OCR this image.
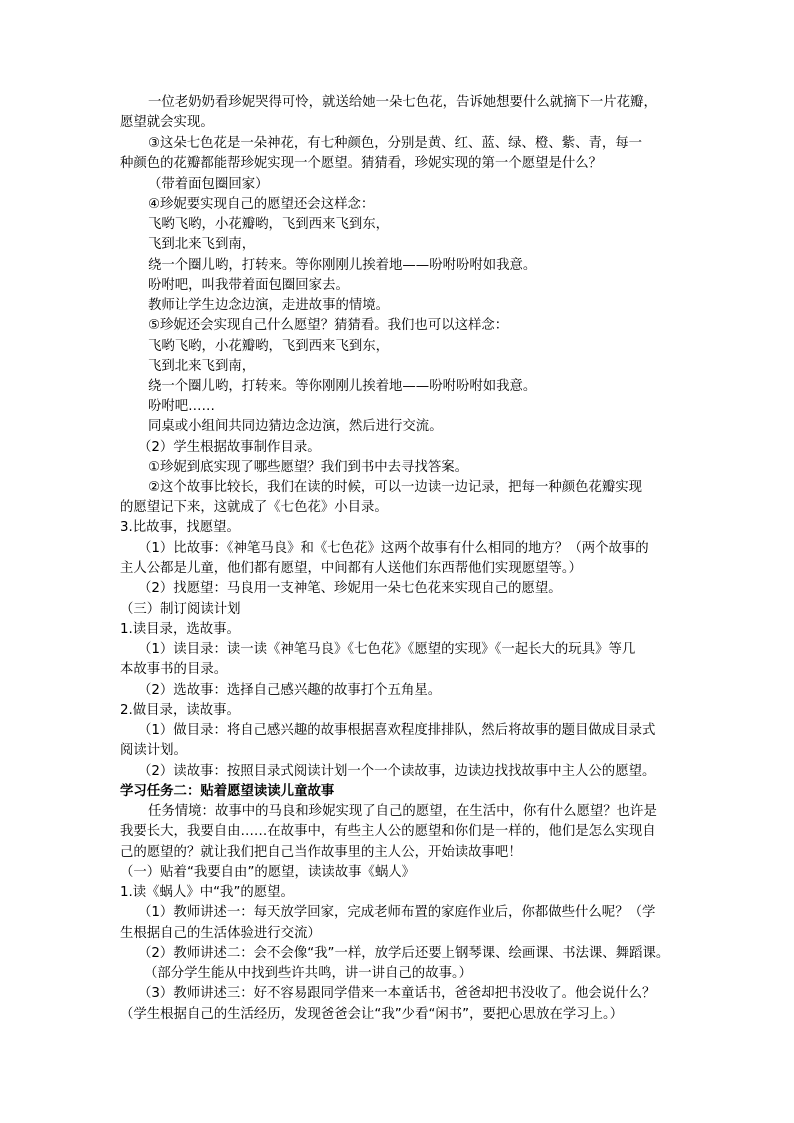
一位老奶奶看珍妮哭得可怜，就送给她一朵七色花，告诉她想要什么就摘下一片花瓣，
愿望就会实现。
③这朵七色花是一朵神花，有七种颜色，分别是黄、红、蓝、绿、橙、紫、青，每一
种颜色的花瓣都能帮珍妮实现一个愿望。猜猜看，珍妮实现的第一个愿望是什么？
（带着面包圈回家）
④珍妮要实现自己的愿望还会这样念：
飞哟飞哟，小花瓣哟，飞到西来飞到东，
飞到北来飞到南，
绕一个圈儿哟，打转来。等你刚刚儿挨着地——吩咐吩咐如我意。
吩咐吧，叫我带着面包圈回家去。
教师让学生边念边演，走进故事的情境。
⑤珍妮还会实现自己什么愿望？猜猜看。我们也可以这样念：
飞哟飞哟，小花瓣哟，飞到西来飞到东，
飞到北来飞到南，
绕一个圈儿哟，打转来。等你刚刚儿挨着地——吩咐吩咐如我意。
吩咐吧……
同桌或小组间共同边猜边念边演，然后进行交流。
（2）学生根据故事制作目录。
①珍妮到底实现了哪些愿望？我们到书中去寻找答案。
②这个故事比较长，我们在读的时候，可以一边读一边记录，把每一种颜色花瓣实现
的愿望记下来，这就成了《七色花》小目录。
3.比故事，找愿望。
（1）比故事：《神笔马良》和《七色花》这两个故事有什么相同的地方？（两个故事的
主人公都是儿童，他们都有愿望，中间都有人送他们东西帮他们实现愿望等。）
（2）找愿望：马良用一支神笔、珍妮用一朵七色花来实现自己的愿望。
（三）制订阅读计划
1.读目录，选故事。
（1）读目录：读一读《神笔马良》《七色花》《愿望的实现》《一起长大的玩具》等几
本故事书的目录。
（2）选故事：选择自己感兴趣的故事打个五角星。
2.做目录，读故事。
（1）做目录：将自己感兴趣的故事根据喜欢程度排排队，然后将故事的题目做成目录式
阅读计划。
（2）读故事：按照目录式阅读计划一个一个读故事，边读边找找故事中主人公的愿望。
学习任务二：贴着愿望读读儿童故事
任务情境：故事中的马良和珍妮实现了自己的愿望，在生活中，你有什么愿望？也许是
我要长大，我要自由……在故事中，有些主人公的愿望和你们是一样的，他们是怎么实现自
己的愿望的？就让我们把自己当作故事里的主人公，开始读故事吧！
（一）贴着“我要自由”的愿望，读读故事《蜗人》
1.读《蜗人》中“我”的愿望。
（1）教师讲述一：每天放学回家，完成老师布置的家庭作业后，你都做些什么呢？（学
生根据自己的生活体验进行交流）
（2）教师讲述二：会不会像“我”一样，放学后还要上钢琴课、绘画课、书法课、舞蹈课。
（部分学生能从中找到些许共鸣，讲一讲自己的故事。）
（3）教师讲述三：好不容易跟同学借来一本童话书，爸爸却把书没收了。他会说什么？
（学生根据自己的生活经历，发现爸爸会让“我”少看“闲书”，要把心思放在学习上。）
